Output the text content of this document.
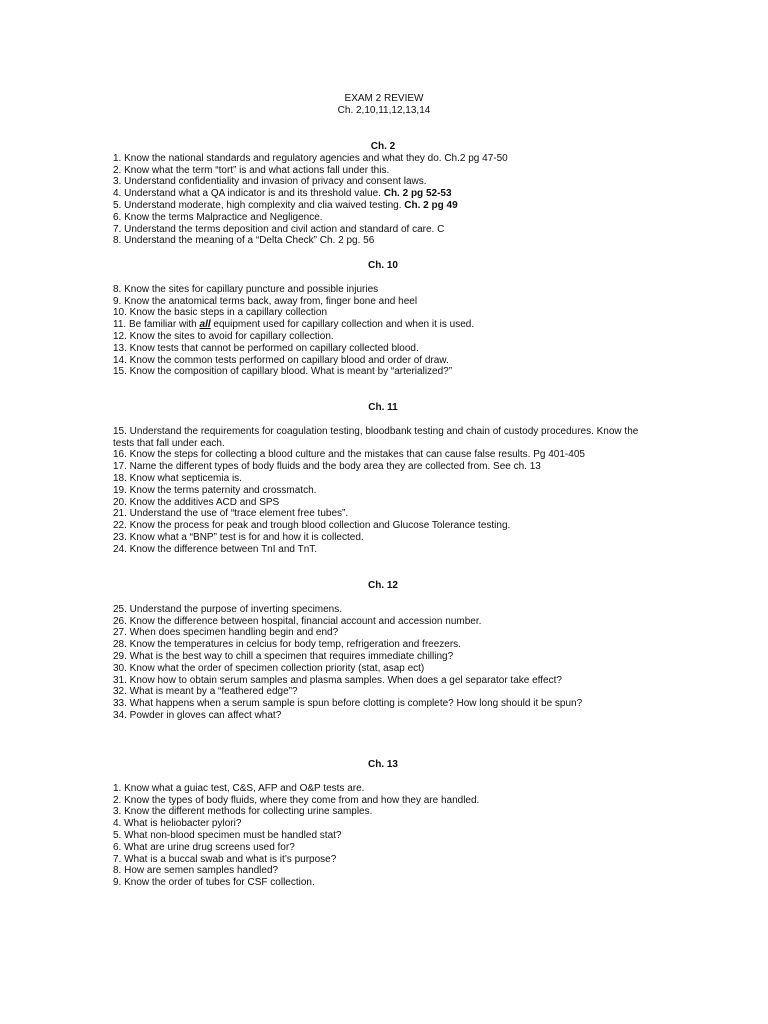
EXAM 2 REVIEW
Ch. 2,10,11,12,13,14
Ch. 2
1. Know the national standards and regulatory agencies and what they do. Ch.2 pg 47-50
2. Know what the term “tort” is and what actions fall under this.
3. Understand confidentiality and invasion of privacy and consent laws.
4. Understand what a QA indicator is and its threshold value. Ch. 2 pg 52-53
5. Understand moderate, high complexity and clia waived testing. Ch. 2 pg 49
6. Know the terms Malpractice and Negligence.
7. Understand the terms deposition and civil action and standard of care. C
8. Understand the meaning of a “Delta Check” Ch. 2 pg. 56
Ch. 10
8. Know the sites for capillary puncture and possible injuries
9. Know the anatomical terms back, away from, finger bone and heel
10. Know the basic steps in a capillary collection
11. Be familiar with all equipment used for capillary collection and when it is used.
12. Know the sites to avoid for capillary collection.
13. Know tests that cannot be performed on capillary collected blood.
14. Know the common tests performed on capillary blood and order of draw.
15. Know the composition of capillary blood. What is meant by “arterialized?”
Ch. 11
15. Understand the requirements for coagulation testing, bloodbank testing and chain of custody procedures. Know the tests that fall under each.
16. Know the steps for collecting a blood culture and the mistakes that can cause false results. Pg 401-405
17. Name the different types of body fluids and the body area they are collected from. See ch. 13
18. Know what septicemia is.
19. Know the terms paternity and crossmatch.
20. Know the additives ACD and SPS
21. Understand the use of “trace element free tubes”.
22. Know the process for peak and trough blood collection and Glucose Tolerance testing.
23. Know what a “BNP” test is for and how it is collected.
24. Know the difference between TnI and TnT.
Ch. 12
25. Understand the purpose of inverting specimens.
26. Know the difference between hospital, financial account and accession number.
27. When does specimen handling begin and end?
28. Know the temperatures in celcius for body temp, refrigeration and freezers.
29. What is the best way to chill a specimen that requires immediate chilling?
30. Know what the order of specimen collection priority (stat, asap ect)
31. Know how to obtain serum samples and plasma samples. When does a gel separator take effect?
32. What is meant by a “feathered edge”?
33. What happens when a serum sample is spun before clotting is complete? How long should it be spun?
34. Powder in gloves can affect what?
Ch. 13
1. Know what a guiac test, C&S, AFP and O&P tests are.
2. Know the types of body fluids, where they come from and how they are handled.
3. Know the different methods for collecting urine samples.
4. What is heliobacter pylori?
5. What non-blood specimen must be handled stat?
6. What are urine drug screens used for?
7. What is a buccal swab and what is it’s purpose?
8. How are semen samples handled?
9. Know the order of tubes for CSF collection.
